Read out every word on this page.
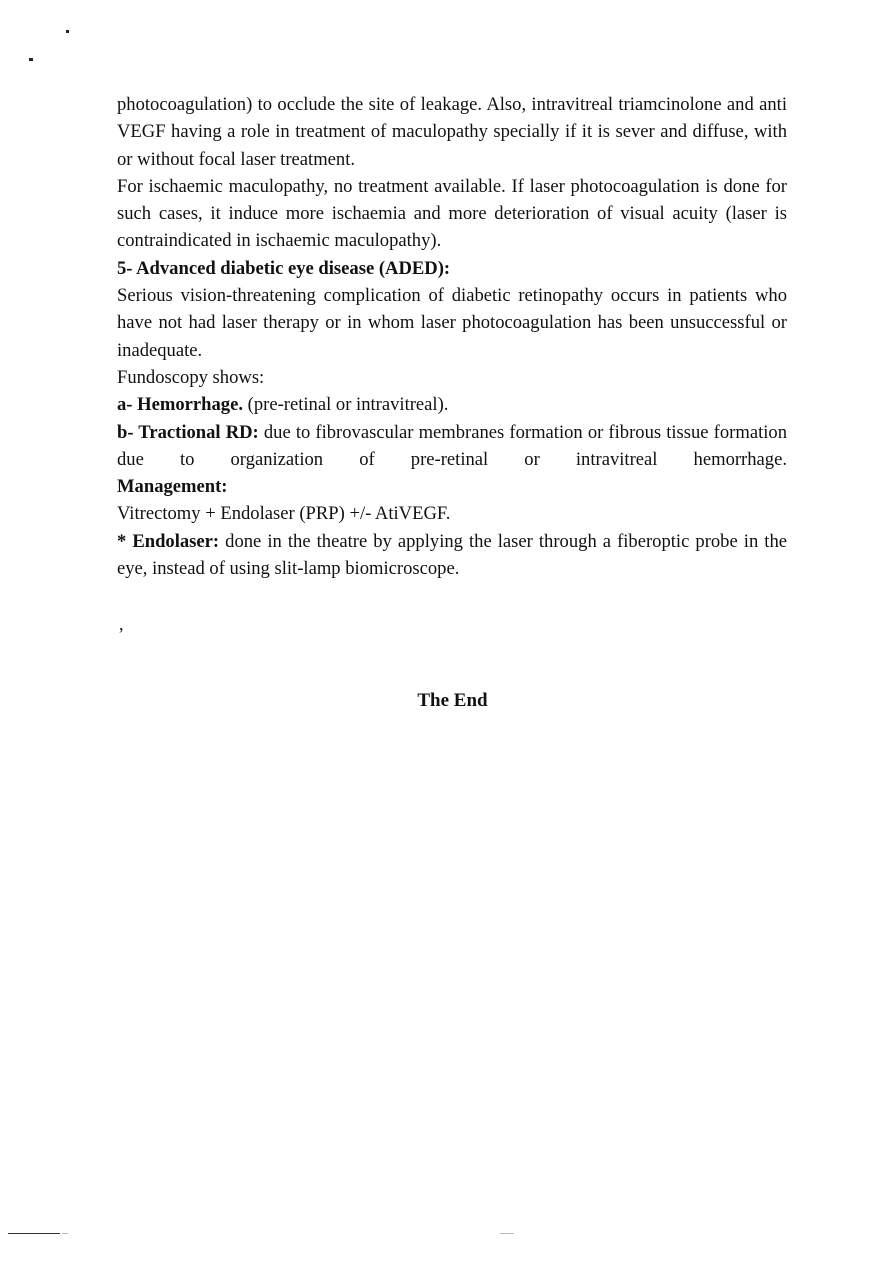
photocoagulation) to occlude the site of leakage. Also, intravitreal triamcinolone and anti VEGF having a role in treatment of maculopathy specially if it is sever and diffuse, with or without focal laser treatment.

For ischaemic maculopathy, no treatment available. If laser photocoagulation is done for such cases, it induce more ischaemia and more deterioration of visual acuity (laser is contraindicated in ischaemic maculopathy).

5- Advanced diabetic eye disease (ADED):

Serious vision-threatening complication of diabetic retinopathy occurs in patients who have not had laser therapy or in whom laser photocoagulation has been unsuccessful or inadequate.

Fundoscopy shows:

a- Hemorrhage. (pre-retinal or intravitreal).

b- Tractional RD: due to fibrovascular membranes formation or fibrous tissue formation due to organization of pre-retinal or intravitreal hemorrhage.

Management:

Vitrectomy + Endolaser (PRP) +/- AtiVEGF.

* Endolaser: done in the theatre by applying the laser through a fiberoptic probe in the eye, instead of using slit-lamp biomicroscope.

,
The End
